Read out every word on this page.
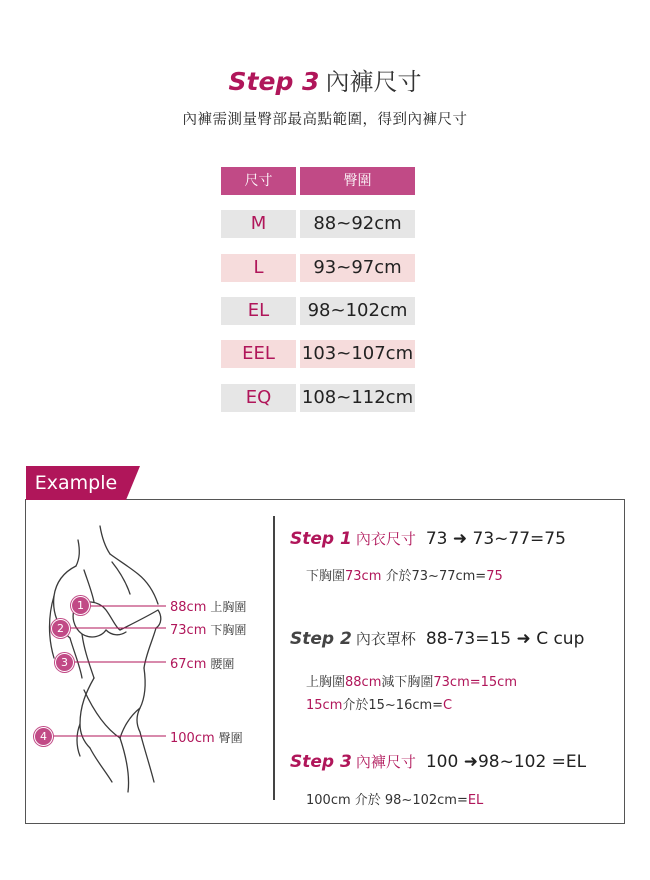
Step 3 內褲尺寸
內褲需測量臀部最高點範圍，得到內褲尺寸
尺寸	臀圍
M	88~92cm
L	93~97cm
EL	98~102cm
EEL	103~107cm
EQ	108~112cm
Example
1
2
3
4
88cm 上胸圍
73cm 下胸圍
67cm 腰圍
100cm 臀圍
Step 1 內衣尺寸 73 ➜ 73~77=75
下胸圍73cm 介於73~77cm=75
Step 2 內衣罩杯 88-73=15 ➜ C cup
上胸圍88cm減下胸圍73cm=15cm
15cm介於15~16cm=C
Step 3 內褲尺寸 100 ➜98~102 =EL
100cm 介於 98~102cm=EL
